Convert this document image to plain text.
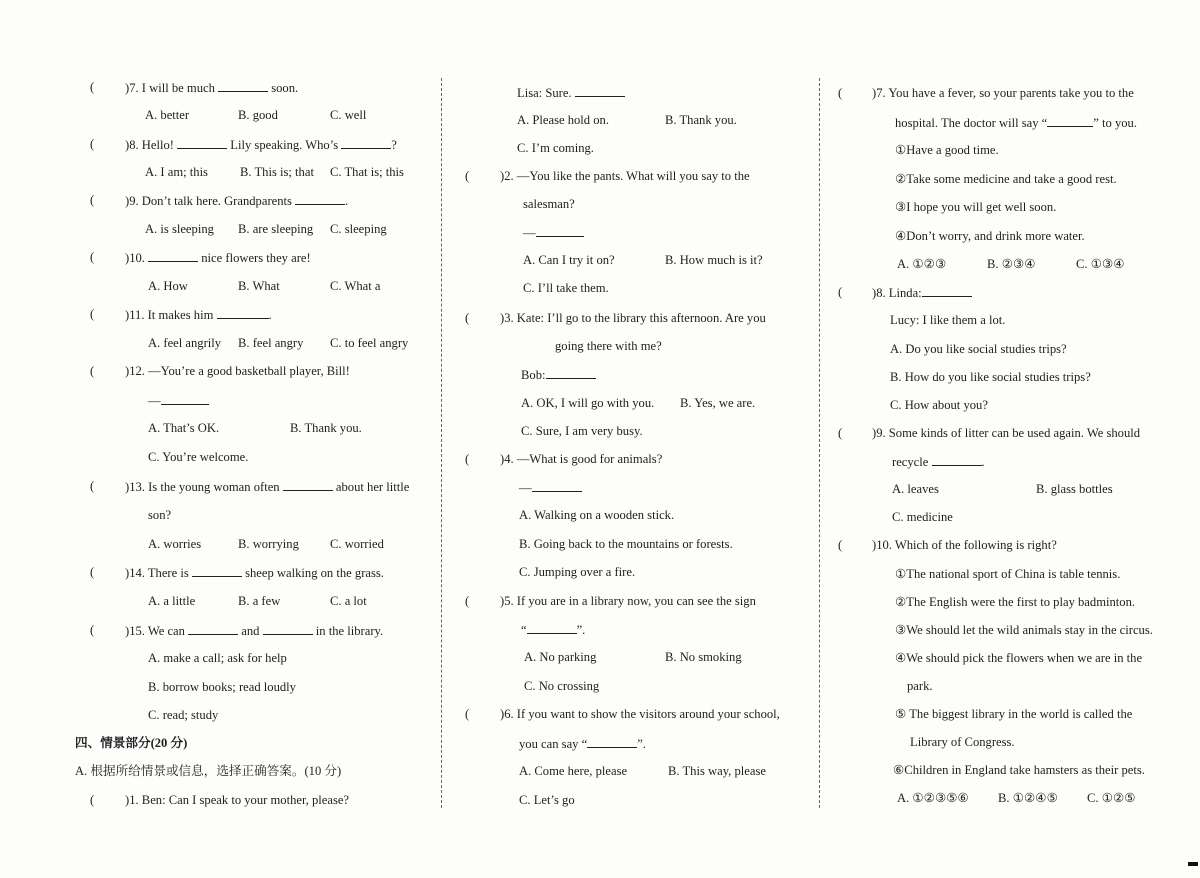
( )7. I will be much	soon.
A. better	B. good	C. well
( )8. Hello!	Lily speaking. Who’s	?
A. I am; this	B. This is; that C. That is; this
( )9. Don’t talk here. Grandparents	.
A. is sleeping B. are sleeping C. sleeping
( )10.	nice flowers they are!
A. How	B. What	C. What a
( )11. It makes him	.
A. feel angrily B. feel angry C. to feel angry
( )12. —You’re a good basketball player, Bill!
—
A. That’s OK.	B. Thank you.
C. You’re welcome.
( )13. Is the young woman often	about her little
son?
A. worries	B. worrying C. worried
( )14. There is	sheep walking on the grass.
A. a little	B. a few	C. a lot
( )15. We can	and	in the library.
A. make a call; ask for help
B. borrow books; read loudly
C. read; study
四、情景部分(20 分)
A. 根据所给情景或信息，选择正确答案。(10 分)
( )1. Ben: Can I speak to your mother, please?
Lisa: Sure.
A. Please hold on.	B. Thank you.
C. I’m coming.
( )2. —You like the pants. What will you say to the
salesman?
—
A. Can I try it on?	B. How much is it?
C. I’ll take them.
( )3. Kate: I’ll go to the library this afternoon. Are you
going there with me?
Bob:
A. OK, I will go with you. B. Yes, we are.
C. Sure, I am very busy.
( )4. —What is good for animals?
—
A. Walking on a wooden stick.
B. Going back to the mountains or forests.
C. Jumping over a fire.
( )5. If you are in a library now, you can see the sign
“	”.
A. No parking	B. No smoking
C. No crossing
( )6. If you want to show the visitors around your school,
you can say “	”.
A. Come here, please	B. This way, please
C. Let’s go
( )7. You have a fever, so your parents take you to the
hospital. The doctor will say “	” to you.
①Have a good time.
②Take some medicine and take a good rest.
③I hope you will get well soon.
④Don’t worry, and drink more water.
A. ①②③	B. ②③④	C. ①③④
( )8. Linda:
Lucy: I like them a lot.
A. Do you like social studies trips?
B. How do you like social studies trips?
C. How about you?
( )9. Some kinds of litter can be used again. We should
recycle	.
A. leaves	B. glass bottles
C. medicine
( )10. Which of the following is right?
①The national sport of China is table tennis.
②The English were the first to play badminton.
③We should let the wild animals stay in the circus.
④We should pick the flowers when we are in the
park.
⑤ The biggest library in the world is called the
Library of Congress.
⑥Children in England take hamsters as their pets.
A. ①②③⑤⑥ B. ①②④⑤ C. ①②⑤
